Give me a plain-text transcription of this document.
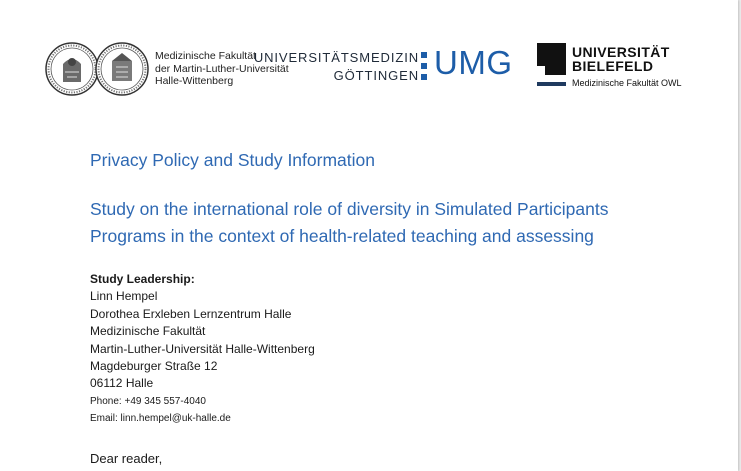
Medizinische Fakultät
der Martin-Luther-Universität
Halle-Wittenberg
UNIVERSITÄTSMEDIZIN
GÖTTINGEN UMG	UNIVERSITÄT
BIELEFELD
Medizinische Fakultät OWL
Privacy Policy and Study Information
Study on the international role of diversity in Simulated Participants
Programs in the context of health-related teaching and assessing
Study Leadership:
Linn Hempel
Dorothea Erxleben Lernzentrum Halle
Medizinische Fakultät
Martin-Luther-Universität Halle-Wittenberg
Magdeburger Straße 12
06112 Halle
Phone: +49 345 557-4040
Email: linn.hempel@uk-halle.de
Dear reader,
